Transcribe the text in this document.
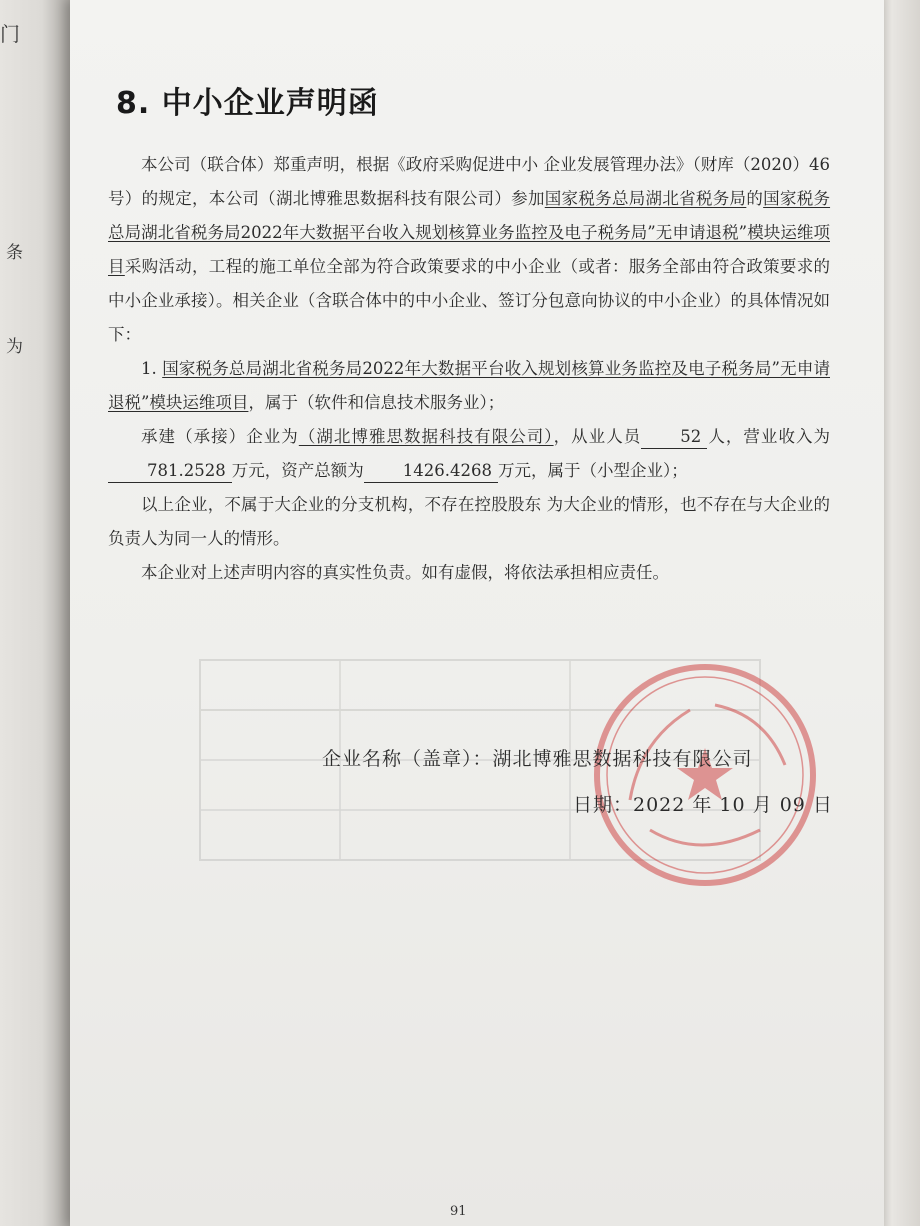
门
条
为
8. 中小企业声明函

本公司（联合体）郑重声明，根据《政府采购促进中小 企业发展管理办法》（财库（2020）46 号）的规定，本公司（湖北博雅思数据科技有限公司）参加国家税务总局湖北省税务局的国家税务总局湖北省税务局2022年大数据平台收入规划核算业务监控及电子税务局”无申请退税”模块运维项目采购活动，工程的施工单位全部为符合政策要求的中小企业（或者：服务全部由符合政策要求的中小企业承接）。相关企业（含联合体中的中小企业、签订分包意向协议的中小企业）的具体情况如下：

1. 国家税务总局湖北省税务局2022年大数据平台收入规划核算业务监控及电子税务局”无申请退税”模块运维项目，属于（软件和信息技术服务业）；

承建（承接）企业为（湖北博雅思数据科技有限公司），从业人员 52 人，营业收入为781.2528 万元，资产总额为 1426.4268 万元，属于（小型企业）；

以上企业，不属于大企业的分支机构，不存在控股股东 为大企业的情形，也不存在与大企业的负责人为同一人的情形。

本企业对上述声明内容的真实性负责。如有虚假，将依法承担相应责任。

企业名称（盖章）：湖北博雅思数据科技有限公司
日期：2022 年 10 月 09 日
91
